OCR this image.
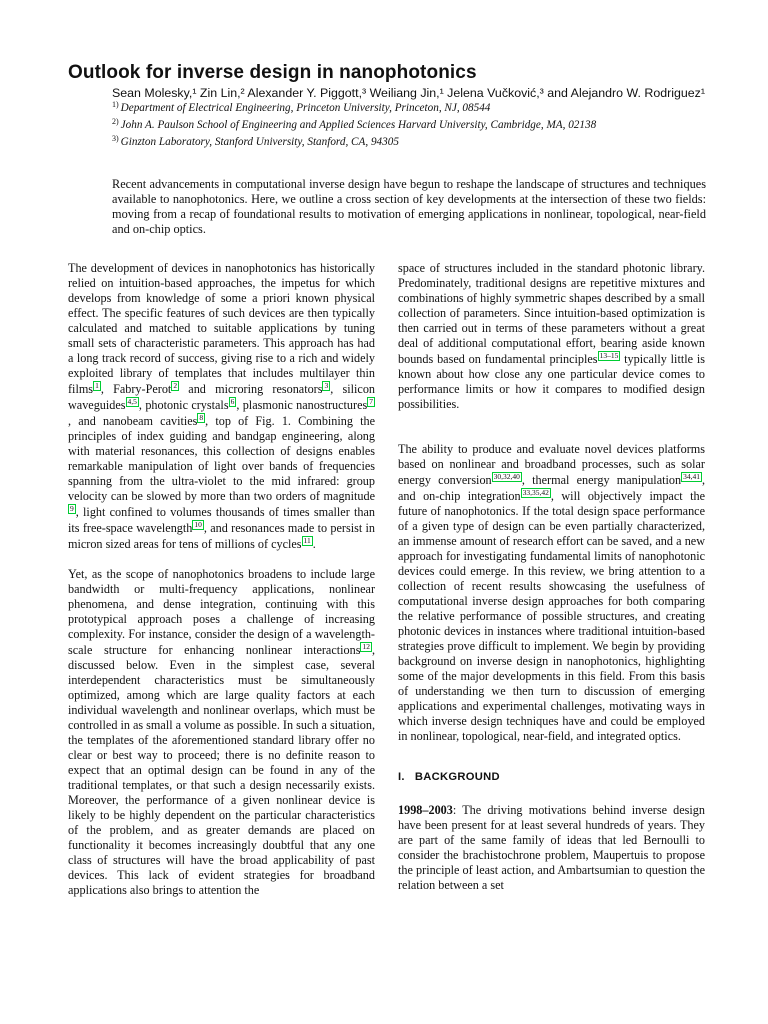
Outlook for inverse design in nanophotonics
Sean Molesky,¹ Zin Lin,² Alexander Y. Piggott,³ Weiliang Jin,¹ Jelena Vučković,³ and Alejandro W. Rodriguez¹

$^{1)}$ Department of Electrical Engineering, Princeton University, Princeton, NJ, 08544

$^{2)}$ John A. Paulson School of Engineering and Applied Sciences Harvard University, Cambridge, MA, 02138

$^{3)}$ Ginzton Laboratory, Stanford University, Stanford, CA, 94305

Recent advancements in computational inverse design have begun to reshape the landscape of structures and techniques available to nanophotonics. Here, we outline a cross section of key developments at the intersection of these two fields: moving from a recap of foundational results to motivation of emerging applications in nonlinear, topological, near-field and on-chip optics.

The development of devices in nanophotonics has historically relied on intuition-based approaches, the impetus for which develops from knowledge of some a priori known physical effect. The specific features of such devices are then typically calculated and matched to suitable applications by tuning small sets of characteristic parameters. This approach has had a long track record of success, giving rise to a rich and widely exploited library of templates that includes multilayer thin films 1 , Fabry-Perot 2 and microring resonators 3 , silicon waveguides 4,5 , photonic crystals 6 , plasmonic nanostructures 7, and nanobeam cavities 8 , top of Fig. 1. Combining the principles of index guiding and bandgap engineering, along with material resonances, this collection of designs enables remarkable manipulation of light over bands of frequencies spanning from the ultra-violet to the mid infrared: group velocity can be slowed by more than two orders of magnitude9 , light confined to volumes thousands of times smaller than its free-space wavelength 10 , and resonances made to persist in micron sized areas for tens of millions of cycles 11 .

Yet, as the scope of nanophotonics broadens to include large bandwidth or multi-frequency applications, nonlinear phenomena, and dense integration, continuing with this prototypical approach poses a challenge of increasing complexity. For instance, consider the design of a wavelength-scale structure for enhancing nonlinear interactions 12 , discussed below. Even in the simplest case, several interdependent characteristics must be simultaneously optimized, among which are large quality factors at each individual wavelength and nonlinear overlaps, which must be controlled in as small a volume as possible. In such a situation, the templates of the aforementioned standard library offer no clear or best way to proceed; there is no definite reason to expect that an optimal design can be found in any of the traditional templates, or that such a design necessarily exists. Moreover, the performance of a given nonlinear device is likely to be highly dependent on the particular characteristics of the problem, and as greater demands are placed on functionality it becomes increasingly doubtful that any one class of structures will have the broad applicability of past devices. This lack of evident strategies for broadband applications also brings to attention the

space of structures included in the standard photonic library. Predominately, traditional designs are repetitive mixtures and combinations of highly symmetric shapes described by a small collection of parameters. Since intuition-based optimization is then carried out in terms of these parameters without a great deal of additional computational effort, bearing aside known bounds based on fundamental principles 13–15 typically little is known about how close any one particular device comes to performance limits or how it compares to modified design possibilities.

The ability to produce and evaluate novel devices platforms based on nonlinear and broadband processes, such as solar energy conversion 30,32,40 , thermal energy manipulation 34,41 , and on-chip integration 33,35,42 , will objectively impact the future of nanophotonics. If the total design space performance of a given type of design can be even partially characterized, an immense amount of research effort can be saved, and a new approach for investigating fundamental limits of nanophotonic devices could emerge. In this review, we bring attention to a collection of recent results showcasing the usefulness of computational inverse design approaches for both comparing the relative performance of possible structures, and creating photonic devices in instances where traditional intuition-based strategies prove difficult to implement. We begin by providing background on inverse design in nanophotonics, highlighting some of the major developments in this field. From this basis of understanding we then turn to discussion of emerging applications and experimental challenges, motivating ways in which inverse design techniques have and could be employed in nonlinear, topological, near-field, and integrated optics.

I. BACKGROUND

1998–2003: The driving motivations behind inverse design have been present for at least several hundreds of years. They are part of the same family of ideas that led Bernoulli to consider the brachistochrone problem, Maupertuis to propose the principle of least action, and Ambartsumian to question the relation between a set
